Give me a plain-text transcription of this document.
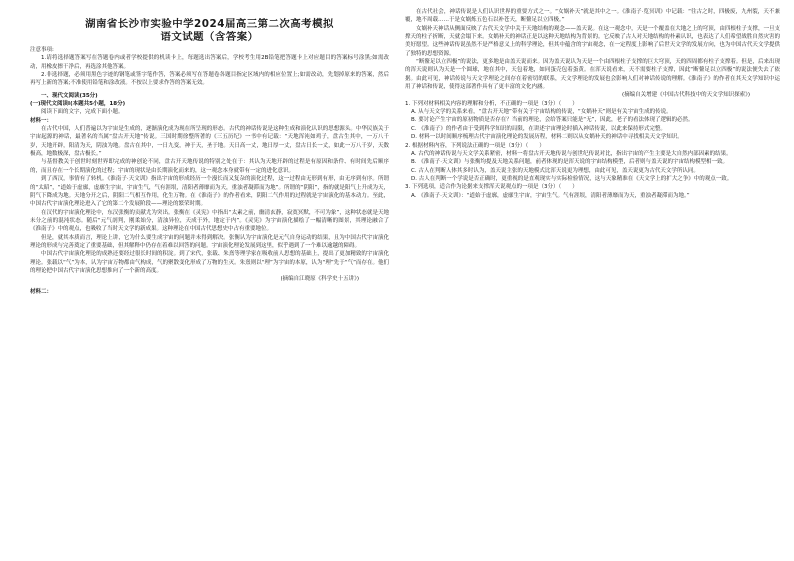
湖南省长沙市实验中学2024届高三第二次高考模拟
语文试题（含答案）

注意事项:

1.请将选择题答案写在答题卷内或者学校提供的机读卡上，每题选出答案后，学校考生用2B铅笔把答题卡上对应题目的答案标号涂黑;如需改动，用橡皮擦干净后，再选涂其他答案。

2.非选择题，必须用黑色字迹的钢笔或签字笔作答，答案必须写在答题卷各题目指定区域内的相应位置上;如需改动，先划掉原来的答案，然后再写上新的答案;不准使用铅笔和涂改液。不按以上要求作答的答案无效。

一、现代文阅读(35分)

(一)现代文阅读Ⅰ(本题共5小题，18分)

阅读下面的文字，完成下面小题。

材料一：

在古代中国，人们普遍以为宇宙是生成的，逐渐演化成为现在所呈现的形态。古代的神话传说是这种生成和演化认识的思想源头。中华民族关于宇宙起源的神话，最著名的当属“盘古开天地”传说。三国时期徐整所著的《三五历纪》一书中有记载：“天地浑沌如鸡子，盘古生其中，一万八千岁，天地开辟，阳清为天，阴浊为地。盘古在其中，一日九变，神于天，圣于地。天日高一丈，地日厚一丈，盘古日长一丈，如此一万八千岁，天数极高，地数极深，盘古极长。”

与基督教关于创世时刻世界即完成的神创论不同，盘古开天地传说的特别之处在于：其认为天地开辟的过程是有原因和条件、有时间先后顺序的，而且存在一个长期演化的过程；宇宙的现状是由长期演化而来的，这一观念本身就带有一定的进化意识。

到了西汉，事情有了转机。《淮南子·天文训》指出宇宙的形成经历一个漫长而又复杂的演化过程，这一过程由无形到有形，由无序到有序。所谓的“太昭”，“道始于虚廓，虚廓生宇宙，宇宙生气，气有涯垠，清阳者薄靡而为天，重浊者凝滞而为地”。所谓的“阴阳”，指的就是阳气上升成为天，阴气下降成为地。天地分开之后，阴阳二气相互作用，化生万物。在《淮南子》的作者看来，阴阳二气作用的过程就是宇宙演化的基本动力。至此，中国古代宇宙演化理论进入了它的第二个发展阶段——理论的繁荣时期。

在汉代的宇宙演化理论中，东汉张衡的贡献尤为突出。张衡在《灵宪》中指出“太素之前，幽清玄静，寂寞冥默，不可为象”，这种状态就是天地未分之前的混沌状态。随后“元气剖判，刚柔始分，清浊异位，天成于外，地定于内”。《灵宪》为宇宙演化描绘了一幅清晰的图景，其理论融合了《淮南子》中的观点，也吸收了当时天文学的新成果。这种理论在中国古代思想史中占有重要地位。

但是，就其本质而言，理论上讲，它为什么要生成宇宙的问题并未得到解决。张衡认为宇宙演化是元气自身运动的结果，且为中国古代宇宙演化理论的形成与完善奠定了重要基础，但其解释中仍存在着难以回答的问题。宇宙演化理论发展到这里，似乎遇到了一个难以逾越的障碍。

中国古代宇宙演化理论的成熟还要经过很长时间的积淀。到了宋代，张载、朱熹等理学家在吸收前人思想的基础上，提出了更加精致的宇宙演化理论。张载以“气”为本，认为宇宙万物都由气构成，气的聚散变化形成了万物的生灭。朱熹则以“理”为宇宙的本原，认为“理”先于“气”而存在。他们的理论把中国古代宇宙演化思想推向了一个新的高度。

(摘编自江晓原《科学史十五讲》)

材料二：

在古代社会，神话传说是人们认识世界的重要方式之一。“女娲补天”就是其中之一。《淮南子·览冥训》中记载：“往古之时，四极废，九州裂，天不兼覆，地不周载……于是女娲炼五色石以补苍天，断鳌足以立四极。”

女娲补天神话从侧面反映了古代天文学中关于天地结构的观念——盖天说。在这一观念中，天是一个覆盖在大地之上的穹顶，由四根柱子支撑，一旦支撑天的柱子折断，天就会塌下来。女娲补天的神话正是以这种天地结构为背景的。它反映了古人对天地结构的朴素认识，也表达了人们希望战胜自然灾害的美好愿望。这些神话传说虽然不是严格意义上的科学理论，但其中蕴含的宇宙观念，在一定程度上影响了后世天文学的发展方向，也为中国古代天文学提供了独特的思想资源。

“断鳌足以立四极”的说法，更多地是由盖天说而来。因为盖天说认为天是一个由四根柱子支撑的巨大穹顶，天的四周都有柱子支撑着。但是，后来出现的浑天说则认为天是一个圆球，地在其中，天包着地，如同蛋壳包着蛋黄。在浑天说看来，天不需要柱子支撑，因此“断鳌足以立四极”的说法便失去了依据。由此可见，神话传说与天文学理论之间存在着密切的联系，天文学理论的发展也会影响人们对神话传说的理解。《淮南子》的作者在其天文学知识中运用了神话和传说，使得这部著作具有了更丰富的文化内涵。

(摘编自关增建《中国古代科技中的天文学知识探索》)

1. 下列对材料相关内容的理解和分析，不正确的一项是（3分）（　　）

A. 从与天文学的关系来看，“盘古开天地”带有关于宇宙结构的传说，“女娲补天”则是有关宇宙生成的传说。

B. 要讨论产生宇宙的原初物质是否存在？当前的理论，会给答案只能是“无”，因此，老子的看法体现了逻辑的必然。

C. 《淮南子》的作者由于受到科学知识的局限，在讲述宇宙理论时插入神话传说，以此来保持形式完整。

D. 材料一以时间顺序梳理古代宇宙演化理论的发展历程，材料二则以从女娲补天的神话中寻找相关天文学知识。

2. 根据材料内容，下列说法正确的一项是（3分）（　　）

A. 古代的神话传说与天文学关系紧密，材料一将盘古开天地传说与创世纪传说对比，指出宇宙的产生主要是大自然内部因素的结果。

B. 《淮南子·天文训》与张衡均提及天地关系问题，前者体现的是浑天说的宇宙结构模型，后者则与盖天说的宇宙结构模型相一致。

C. 古人在判断人体其多时认为，盖天说主张的天地模式比浑天说更为理想，由此可见，盖天说更为古代天文学所认同。

D. 古人在判断一个学说是否正确时，更重视的是直观现实与实际检验情况，这与天象精准在《天文学上的扩大之争》中的观点一致。

3. 下列选项，适合作为论据来支撑浑天说观点的一项是（3分）（　　）

A. 《淮南子·天文训》：“道始于虚廓，虚廓生宇宙，宇宙生气。气有涯垠，清阳者薄靡而为天，重浊者凝滞而为地。”
